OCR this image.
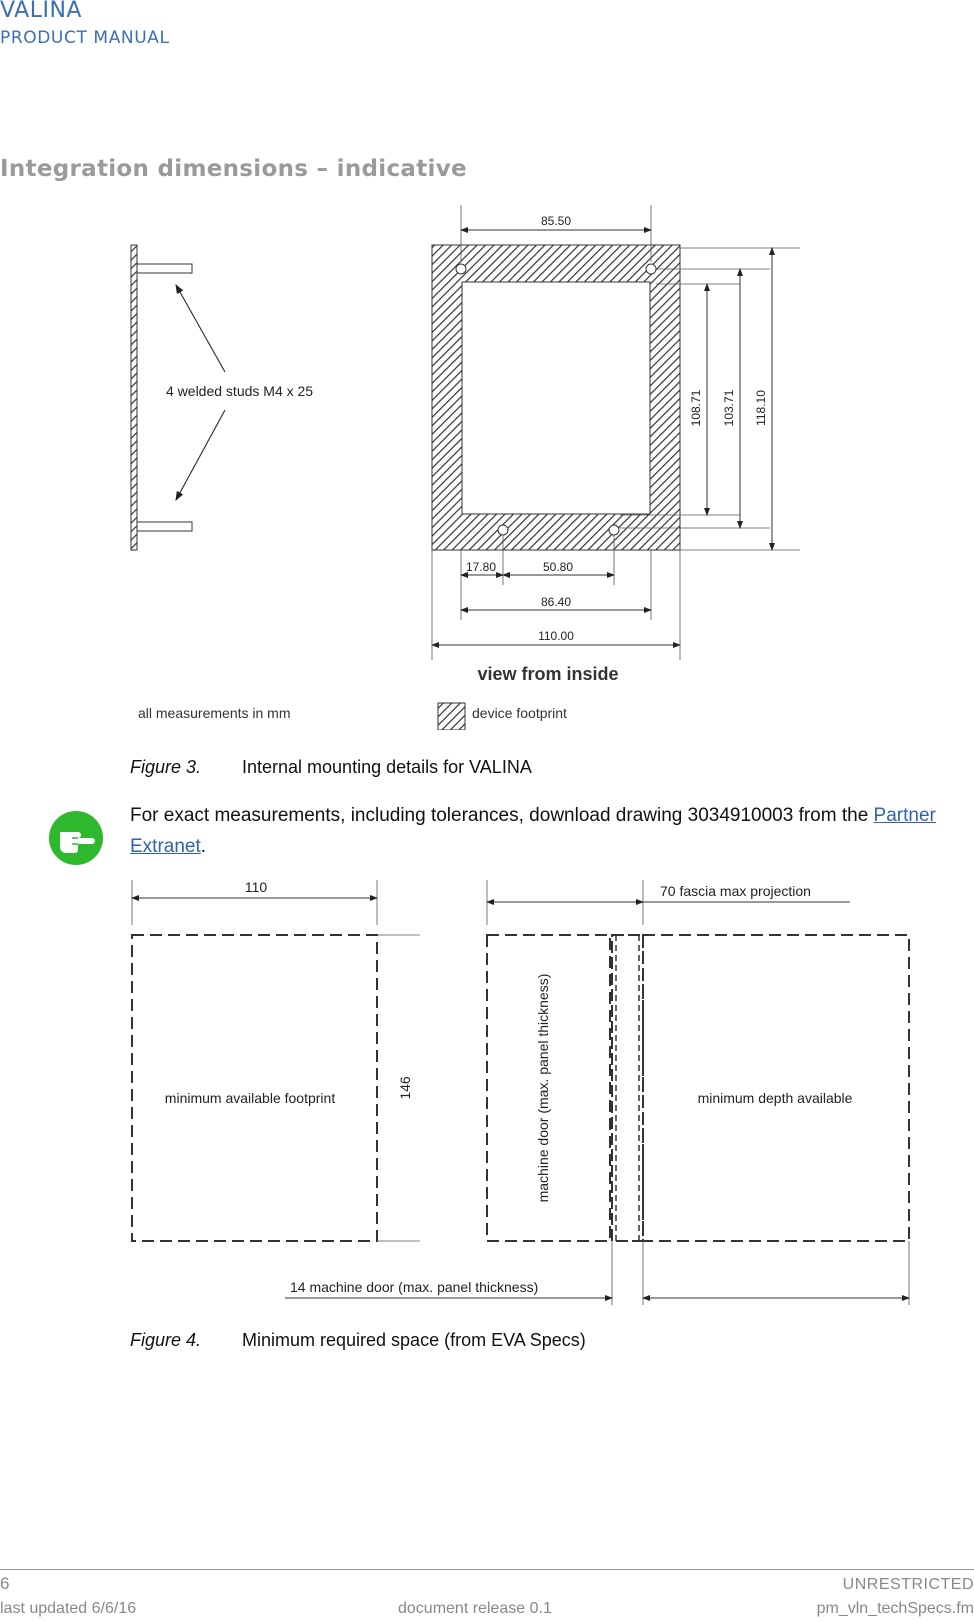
VALINA
PRODUCT MANUAL
Integration dimensions – indicative
4 welded studs M4 x 25
85.50
108.71 103.71 118.10
17.80	50.80
86.40
110.00
view from inside
all measurements in mm	device footprint
Figure 3. Internal mounting details for VALINA
For exact measurements, including tolerances, download drawing 3034910003 from the Partner Extranet.
110
minimum available footprint	146
70 fascia max projection
machine door (max. panel thickness)	minimum depth available
14 machine door (max. panel thickness)
Figure 4. Minimum required space (from EVA Specs)
6	UNRESTRICTED
last updated 6/6/16	document release 0.1	pm_vln_techSpecs.fm
